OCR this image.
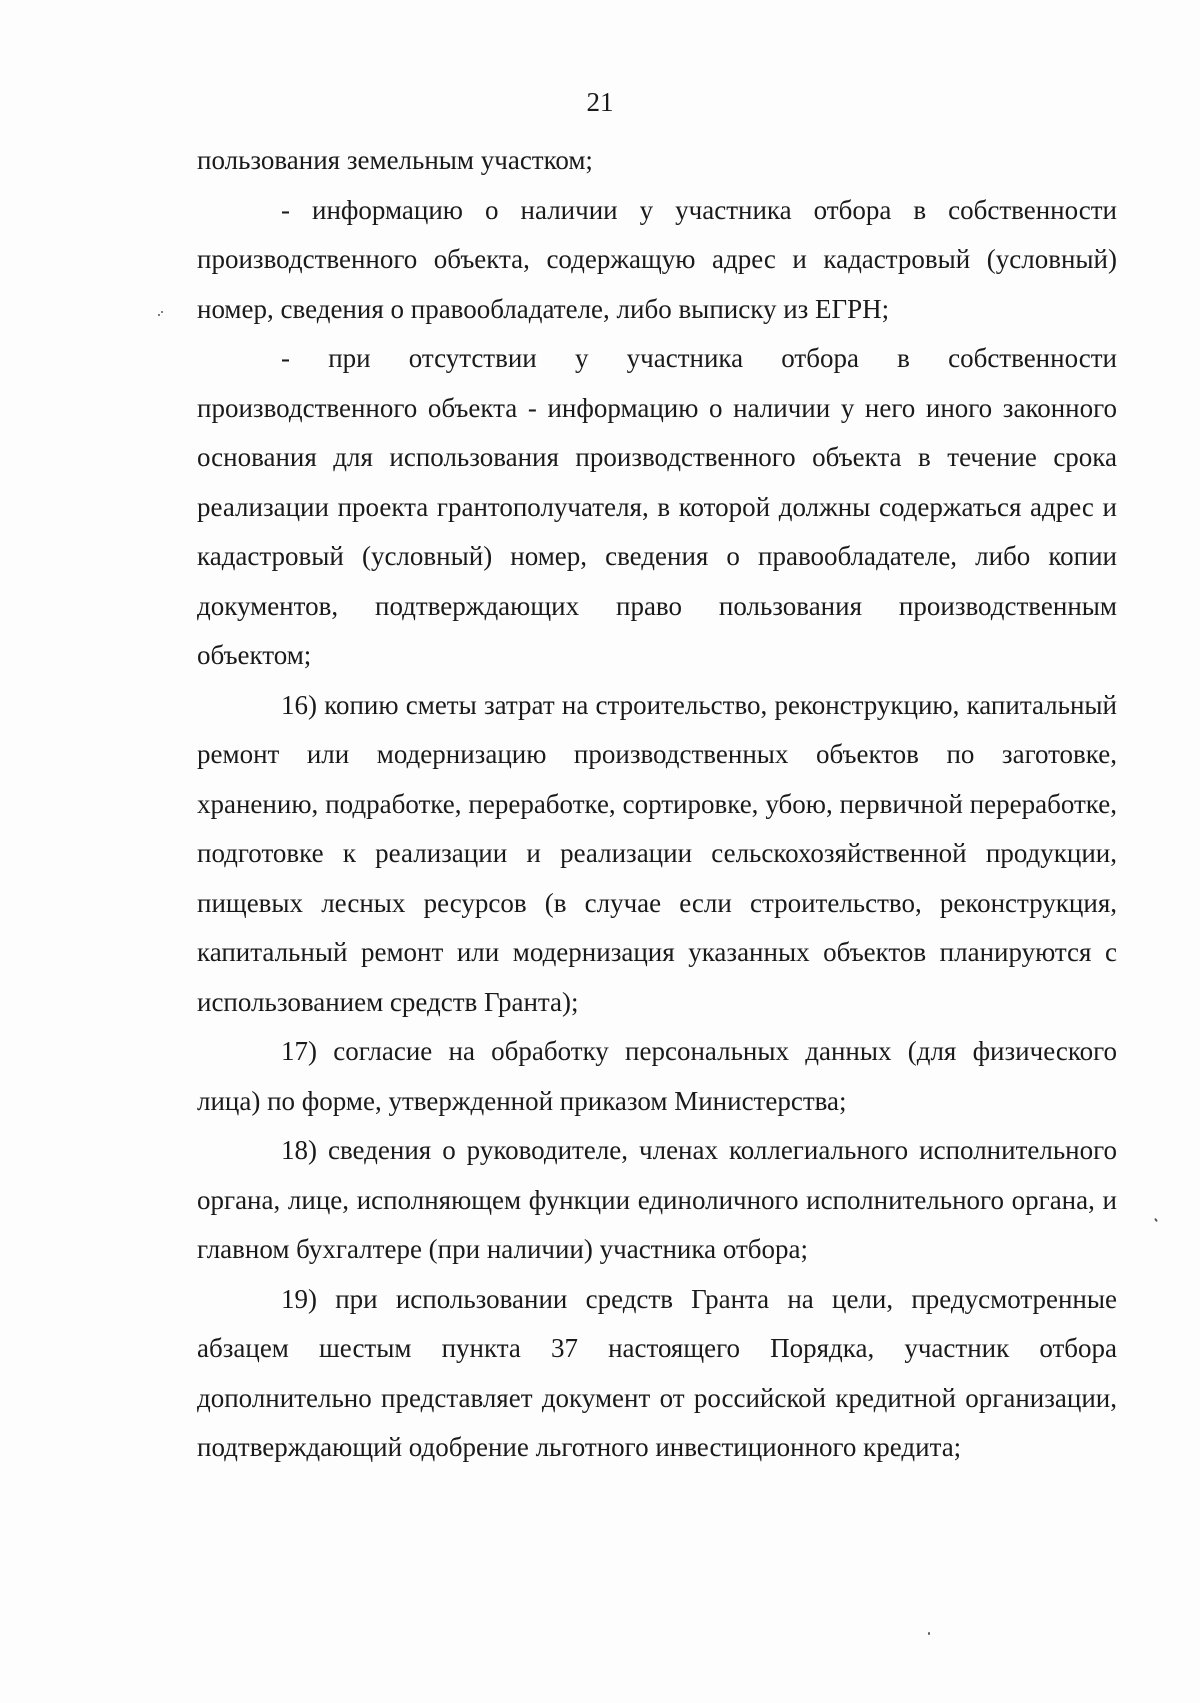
21

пользования земельным участком;

- информацию о наличии у участника отбора в собственности производственного объекта, содержащую адрес и кадастровый (условный) номер, сведения о правообладателе, либо выписку из ЕГРН;

- при отсутствии у участника отбора в собственности производственного объекта - информацию о наличии у него иного законного основания для использования производственного объекта в течение срока реализации проекта грантополучателя, в которой должны содержаться адрес и кадастровый (условный) номер, сведения о правообладателе, либо копии документов, подтверждающих право пользования производственным объектом;

16) копию сметы затрат на строительство, реконструкцию, капитальный ремонт или модернизацию производственных объектов по заготовке, хранению, подработке, переработке, сортировке, убою, первичной переработке, подготовке к реализации и реализации сельскохозяйственной продукции, пищевых лесных ресурсов (в случае если строительство, реконструкция, капитальный ремонт или модернизация указанных объектов планируются с использованием средств Гранта);

17) согласие на обработку персональных данных (для физического лица) по форме, утвержденной приказом Министерства;

18) сведения о руководителе, членах коллегиального исполнительного органа, лице, исполняющем функции единоличного исполнительного органа, и главном бухгалтере (при наличии) участника отбора;

19) при использовании средств Гранта на цели, предусмотренные абзацем шестым пункта 37 настоящего Порядка, участник отбора дополнительно представляет документ от российской кредитной организации, подтверждающий одобрение льготного инвестиционного кредита;
